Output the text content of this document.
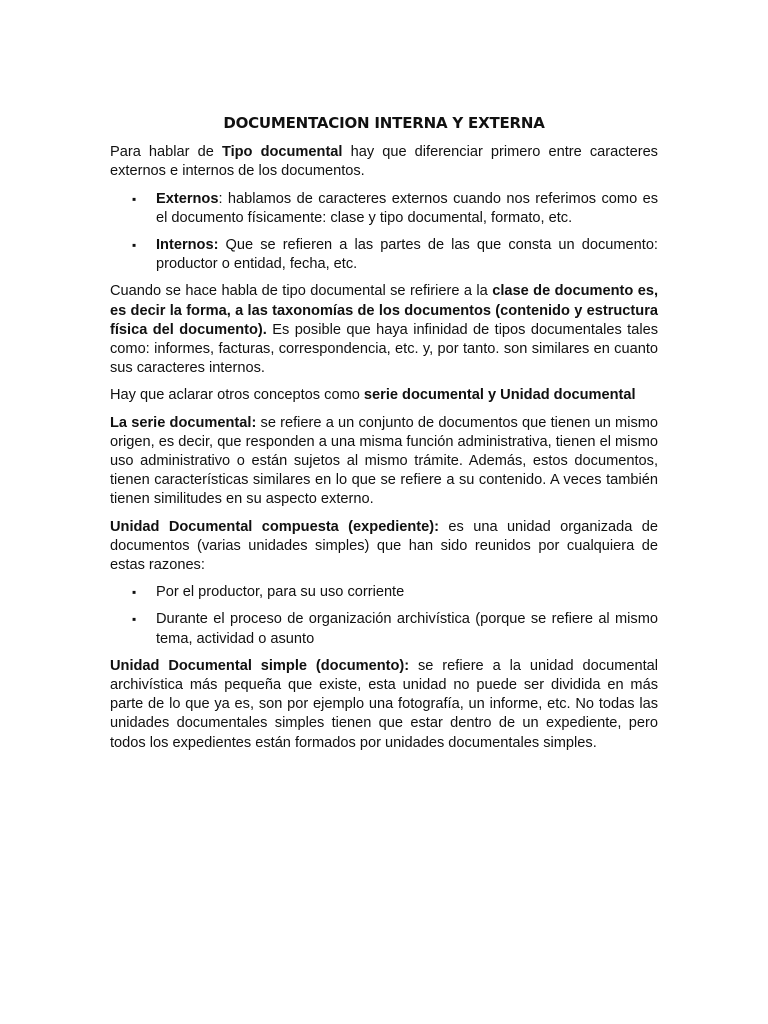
DOCUMENTACION INTERNA Y EXTERNA

Para hablar de Tipo documental hay que diferenciar primero entre caracteres externos e internos de los documentos.

▪ Externos: hablamos de caracteres externos cuando nos referimos como es el documento físicamente: clase y tipo documental, formato, etc.
▪ Internos: Que se refieren a las partes de las que consta un documento: productor o entidad, fecha, etc.

Cuando se hace habla de tipo documental se refiriere a la clase de documento es, es decir la forma, a las taxonomías de los documentos (contenido y estructura física del documento). Es posible que haya infinidad de tipos documentales tales como: informes, facturas, correspondencia, etc. y, por tanto. son similares en cuanto sus caracteres internos.

Hay que aclarar otros conceptos como serie documental y Unidad documental

La serie documental: se refiere a un conjunto de documentos que tienen un mismo origen, es decir, que responden a una misma función administrativa, tienen el mismo uso administrativo o están sujetos al mismo trámite. Además, estos documentos, tienen características similares en lo que se refiere a su contenido. A veces también tienen similitudes en su aspecto externo.

Unidad Documental compuesta (expediente): es una unidad organizada de documentos (varias unidades simples) que han sido reunidos por cualquiera de estas razones:

▪ Por el productor, para su uso corriente
▪ Durante el proceso de organización archivística (porque se refiere al mismo tema, actividad o asunto

Unidad Documental simple (documento): se refiere a la unidad documental archivística más pequeña que existe, esta unidad no puede ser dividida en más parte de lo que ya es, son por ejemplo una fotografía, un informe, etc. No todas las unidades documentales simples tienen que estar dentro de un expediente, pero todos los expedientes están formados por unidades documentales simples.
